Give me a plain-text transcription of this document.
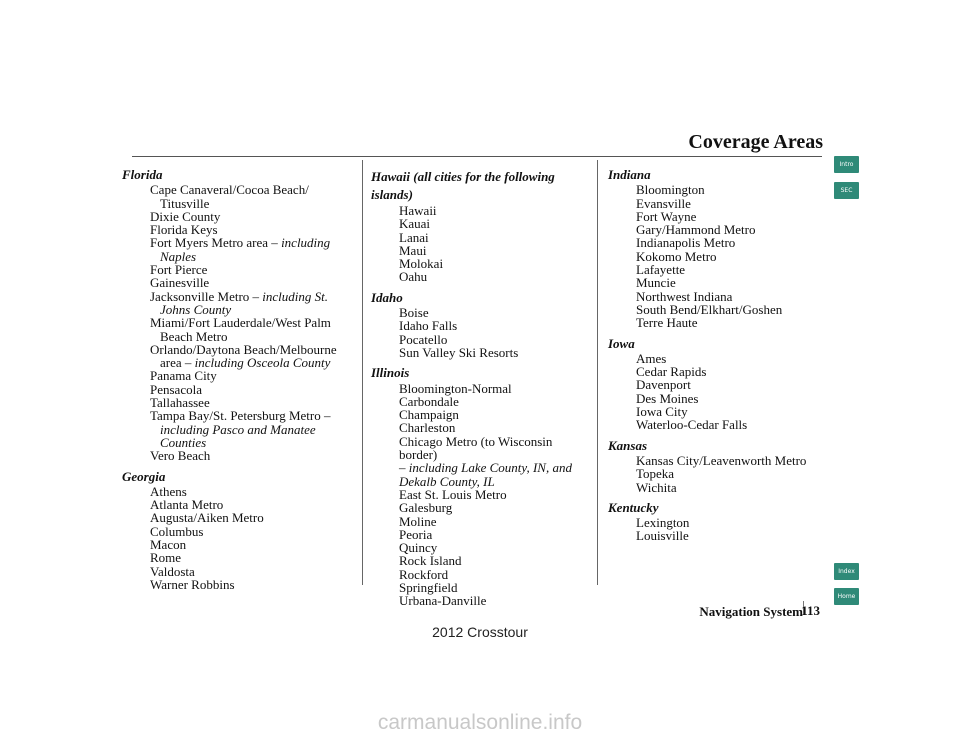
Coverage Areas
Florida
Cape Canaveral/Cocoa Beach/
Titusville
Dixie County
Florida Keys
Fort Myers Metro area – including
Naples
Fort Pierce
Gainesville
Jacksonville Metro – including St.
Johns County
Miami/Fort Lauderdale/West Palm
Beach Metro
Orlando/Daytona Beach/Melbourne
area – including Osceola County
Panama City
Pensacola
Tallahassee
Tampa Bay/St. Petersburg Metro –
including Pasco and Manatee
Counties
Vero Beach
Georgia
Athens
Atlanta Metro
Augusta/Aiken Metro
Columbus
Macon
Rome
Valdosta
Warner Robbins
Hawaii (all cities for the following islands)
Hawaii
Kauai
Lanai
Maui
Molokai
Oahu
Idaho
Boise
Idaho Falls
Pocatello
Sun Valley Ski Resorts
Illinois
Bloomington-Normal
Carbondale
Champaign
Charleston
Chicago Metro (to Wisconsin border)
– including Lake County, IN, and
Dekalb County, IL
East St. Louis Metro
Galesburg
Moline
Peoria
Quincy
Rock Island
Rockford
Springfield
Urbana-Danville
Indiana
Bloomington
Evansville
Fort Wayne
Gary/Hammond Metro
Indianapolis Metro
Kokomo Metro
Lafayette
Muncie
Northwest Indiana
South Bend/Elkhart/Goshen
Terre Haute
Iowa
Ames
Cedar Rapids
Davenport
Des Moines
Iowa City
Waterloo-Cedar Falls
Kansas
Kansas City/Leavenworth Metro
Topeka
Wichita
Kentucky
Lexington
Louisville
Intro
SEC
Index
Home
Navigation System
113
2012 Crosstour
carmanualsonline.info
